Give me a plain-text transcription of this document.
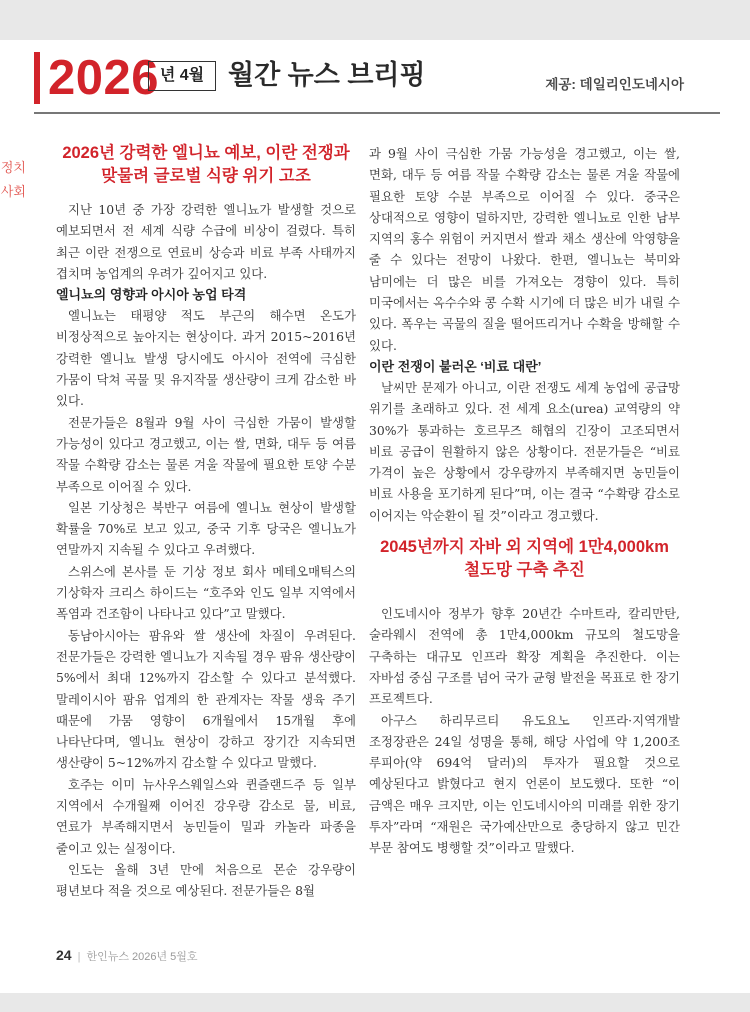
2026 년 4월 월간 뉴스 브리핑	제공: 데일리인도네시아
정치
사회
2026년 강력한 엘니뇨 예보, 이란 전쟁과
맞물려 글로벌 식량 위기 고조

지난 10년 중 가장 강력한 엘니뇨가 발생할 것으로 예보되면서 전 세계 식량 수급에 비상이 걸렸다. 특히 최근 이란 전쟁으로 연료비 상승과 비료 부족 사태까지 겹치며 농업계의 우려가 깊어지고 있다.

엘니뇨의 영향과 아시아 농업 타격

엘니뇨는 태평양 적도 부근의 해수면 온도가 비정상적으로 높아지는 현상이다. 과거 2015~2016년 강력한 엘니뇨 발생 당시에도 아시아 전역에 극심한 가뭄이 닥쳐 곡물 및 유지작물 생산량이 크게 감소한 바 있다.

전문가들은 8월과 9월 사이 극심한 가뭄이 발생할 가능성이 있다고 경고했고, 이는 쌀, 면화, 대두 등 여름 작물 수확량 감소는 물론 겨울 작물에 필요한 토양 수분 부족으로 이어질 수 있다.

일본 기상청은 북반구 여름에 엘니뇨 현상이 발생할 확률을 70%로 보고 있고, 중국 기후 당국은 엘니뇨가 연말까지 지속될 수 있다고 우려했다.

스위스에 본사를 둔 기상 정보 회사 메테오매틱스의 기상학자 크리스 하이드는 “호주와 인도 일부 지역에서 폭염과 건조함이 나타나고 있다”고 말했다.

동남아시아는 팜유와 쌀 생산에 차질이 우려된다. 전문가들은 강력한 엘니뇨가 지속될 경우 팜유 생산량이 5%에서 최대 12%까지 감소할 수 있다고 분석했다. 말레이시아 팜유 업계의 한 관계자는 작물 생육 주기 때문에 가뭄 영향이 6개월에서 15개월 후에 나타난다며, 엘니뇨 현상이 강하고 장기간 지속되면 생산량이 5~12%까지 감소할 수 있다고 말했다.

호주는 이미 뉴사우스웨일스와 퀸즐랜드주 등 일부 지역에서 수개월째 이어진 강우량 감소로 물, 비료, 연료가 부족해지면서 농민들이 밀과 카놀라 파종을 줄이고 있는 실정이다.

인도는 올해 3년 만에 처음으로 몬순 강우량이 평년보다 적을 것으로 예상된다. 전문가들은 8월

과 9월 사이 극심한 가뭄 가능성을 경고했고, 이는 쌀, 면화, 대두 등 여름 작물 수확량 감소는 물론 겨울 작물에 필요한 토양 수분 부족으로 이어질 수 있다. 중국은 상대적으로 영향이 덜하지만, 강력한 엘니뇨로 인한 남부 지역의 홍수 위험이 커지면서 쌀과 채소 생산에 악영향을 줄 수 있다는 전망이 나왔다. 한편, 엘니뇨는 북미와 남미에는 더 많은 비를 가져오는 경향이 있다. 특히 미국에서는 옥수수와 콩 수확 시기에 더 많은 비가 내릴 수 있다. 폭우는 곡물의 질을 떨어뜨리거나 수확을 방해할 수 있다.

이란 전쟁이 불러온 ‘비료 대란’

날씨만 문제가 아니고, 이란 전쟁도 세계 농업에 공급망 위기를 초래하고 있다. 전 세계 요소(urea) 교역량의 약 30%가 통과하는 호르무즈 해협의 긴장이 고조되면서 비료 공급이 원활하지 않은 상황이다. 전문가들은 “비료 가격이 높은 상황에서 강우량까지 부족해지면 농민들이 비료 사용을 포기하게 된다”며, 이는 결국 “수확량 감소로 이어지는 악순환이 될 것”이라고 경고했다.

2045년까지 자바 외 지역에 1만4,000km
철도망 구축 추진

인도네시아 정부가 향후 20년간 수마트라, 칼리만탄, 술라웨시 전역에 총 1만4,000km 규모의 철도망을 구축하는 대규모 인프라 확장 계획을 추진한다. 이는 자바섬 중심 구조를 넘어 국가 균형 발전을 목표로 한 장기 프로젝트다.

아구스 하리무르티 유도요노 인프라·지역개발 조정장관은 24일 성명을 통해, 해당 사업에 약 1,200조 루피아(약 694억 달러)의 투자가 필요할 것으로 예상된다고 밝혔다고 현지 언론이 보도했다. 또한 “이 금액은 매우 크지만, 이는 인도네시아의 미래를 위한 장기 투자”라며 “재원은 국가예산만으로 충당하지 않고 민간 부문 참여도 병행할 것”이라고 말했다.

24 | 한인뉴스 2026년 5월호
